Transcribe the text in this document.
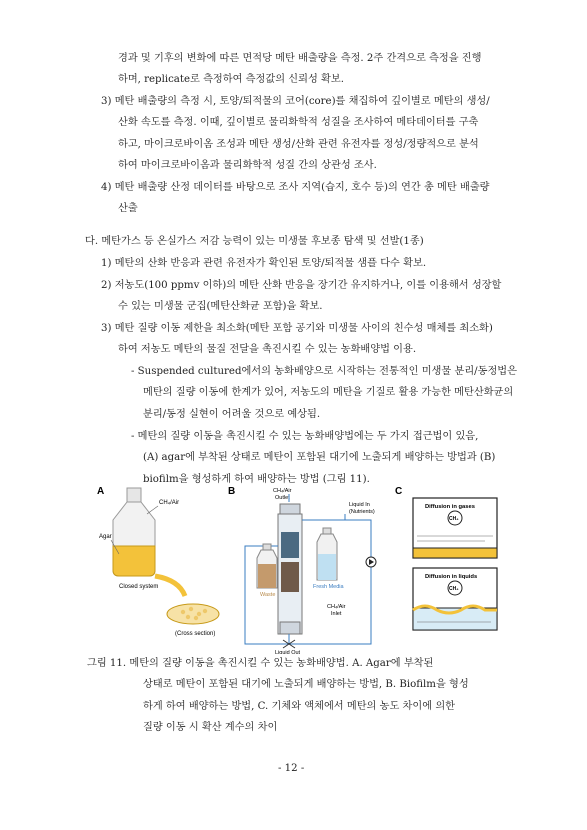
경과 및 기후의 변화에 따른 면적당 메탄 배출량을 측정. 2주 간격으로 측정을 진행
하며, replicate로 측정하여 측정값의 신뢰성 확보.
3) 메탄 배출량의 측정 시, 토양/퇴적물의 코어(core)를 채집하여 깊이별로 메탄의 생성/
산화 속도를 측정. 이때, 깊이별로 물리화학적 성질을 조사하여 메타데이터를 구축
하고, 마이크로바이옴 조성과 메탄 생성/산화 관련 유전자를 정성/정량적으로 분석
하여 마이크로바이옴과 물리화학적 성질 간의 상관성 조사.
4) 메탄 배출량 산정 데이터를 바탕으로 조사 지역(습지, 호수 등)의 연간 총 메탄 배출량
산출
다. 메탄가스 등 온실가스 저감 능력이 있는 미생물 후보종 탐색 및 선발(1종)
1) 메탄의 산화 반응과 관련 유전자가 확인된 토양/퇴적물 샘플 다수 확보.
2) 저농도(100 ppmv 이하)의 메탄 산화 반응을 장기간 유지하거나, 이를 이용해서 성장할
수 있는 미생물 군집(메탄산화균 포함)을 확보.
3) 메탄 질량 이동 제한을 최소화(메탄 포함 공기와 미생물 사이의 친수성 매체를 최소화)
하여 저농도 메탄의 물질 전달을 촉진시킬 수 있는 농화배양법 이용.
- Suspended cultured에서의 농화배양으로 시작하는 전통적인 미생물 분리/동정법은
메탄의 질량 이동에 한계가 있어, 저농도의 메탄을 기질로 활용 가능한 메탄산화균의
분리/동정 실현이 어려울 것으로 예상됨.
- 메탄의 질량 이동을 촉진시킬 수 있는 농화배양법에는 두 가지 접근법이 있음,
(A) agar에 부착된 상태로 메탄이 포함된 대기에 노출되게 배양하는 방법과 (B)
biofilm을 형성하게 하여 배양하는 방법 (그림 11).
A
CH₄/Air
Agar
Closed system
(Cross section)
B	CH₄/Air
Outlet
Liquid In
(Nutrients)
Waste
Fresh Media
CH₄/Air
Inlet
Liquid Out
C
Diffusion in gases
CH₄
Diffusion in liquids
CH₄
그림 11. 메탄의 질량 이동을 촉진시킬 수 있는 농화배양법. A. Agar에 부착된
상태로 메탄이 포함된 대기에 노출되게 배양하는 방법, B. Biofilm을 형성
하게 하여 배양하는 방법, C. 기체와 액체에서 메탄의 농도 차이에 의한
질량 이동 시 확산 계수의 차이
- 12 -
